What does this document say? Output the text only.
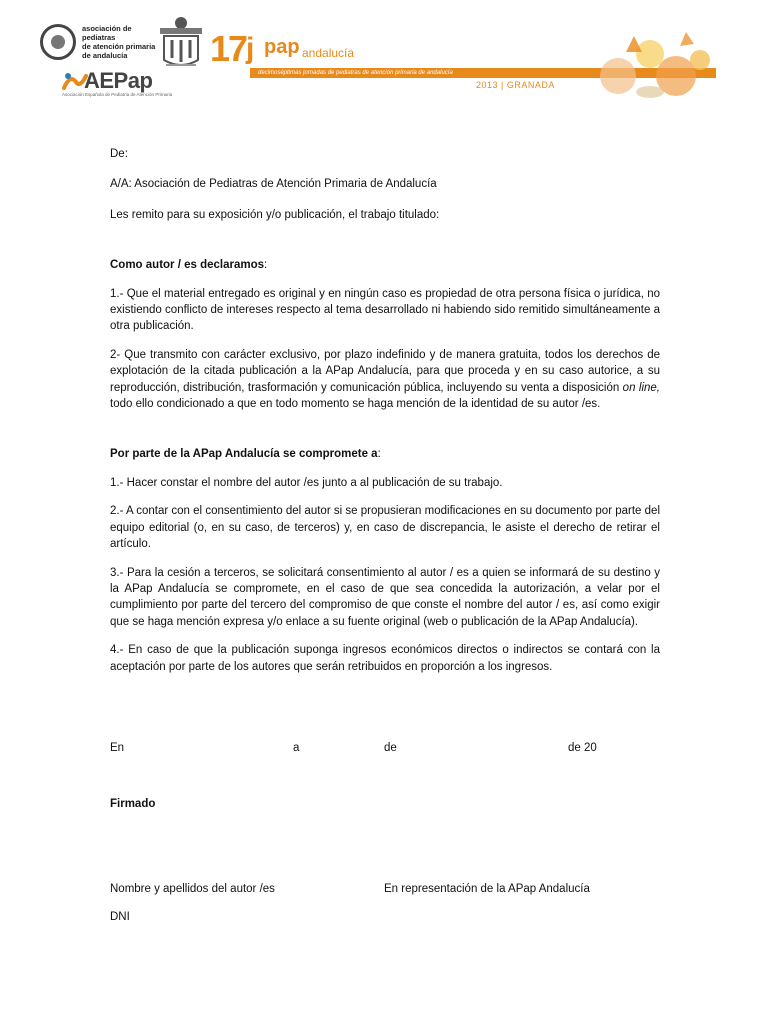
asociación de pediatras
de atención primaria
de andalucía
AEPap
Asociación Española de Pediatría de Atención Primaria
17 j pap andalucía
decimoséptimas jornadas de pediatras de atención primaria de andalucía
2013 | GRANADA

De:

A/A: Asociación de Pediatras de Atención Primaria de Andalucía

Les remito para su exposición y/o publicación, el trabajo titulado:

Como autor / es declaramos:

1.- Que el material entregado es original y en ningún caso es propiedad de otra persona física o jurídica, no existiendo conflicto de intereses respecto al tema desarrollado ni habiendo sido remitido simultáneamente a otra publicación.

2- Que transmito con carácter exclusivo, por plazo indefinido y de manera gratuita, todos los derechos de explotación de la citada publicación a la APap Andalucía, para que proceda y en su caso autorice, a su reproducción, distribución, trasformación y comunicación pública, incluyendo su venta a disposición on line, todo ello condicionado a que en todo momento se haga mención de la identidad de su autor /es.

Por parte de la APap Andalucía se compromete a:

1.- Hacer constar el nombre del autor /es junto a al publicación de su trabajo.

2.- A contar con el consentimiento del autor si se propusieran modificaciones en su documento por parte del equipo editorial (o, en su caso, de terceros) y, en caso de discrepancia, le asiste el derecho de retirar el artículo.

3.- Para la cesión a terceros, se solicitará consentimiento al autor / es a quien se informará de su destino y la APap Andalucía se compromete, en el caso de que sea concedida la autorización, a velar por el cumplimiento por parte del tercero del compromiso de que conste el nombre del autor / es, así como exigir que se haga mención expresa y/o enlace a su fuente original (web o publicación de la APap Andalucía).

4.- En caso de que la publicación suponga ingresos económicos directos o indirectos se contará con la aceptación por parte de los autores que serán retribuidos en proporción a los ingresos.

En	a	de	de 20
Firmado
Nombre y apellidos del autor /es	En representación de la APap Andalucía
DNI
